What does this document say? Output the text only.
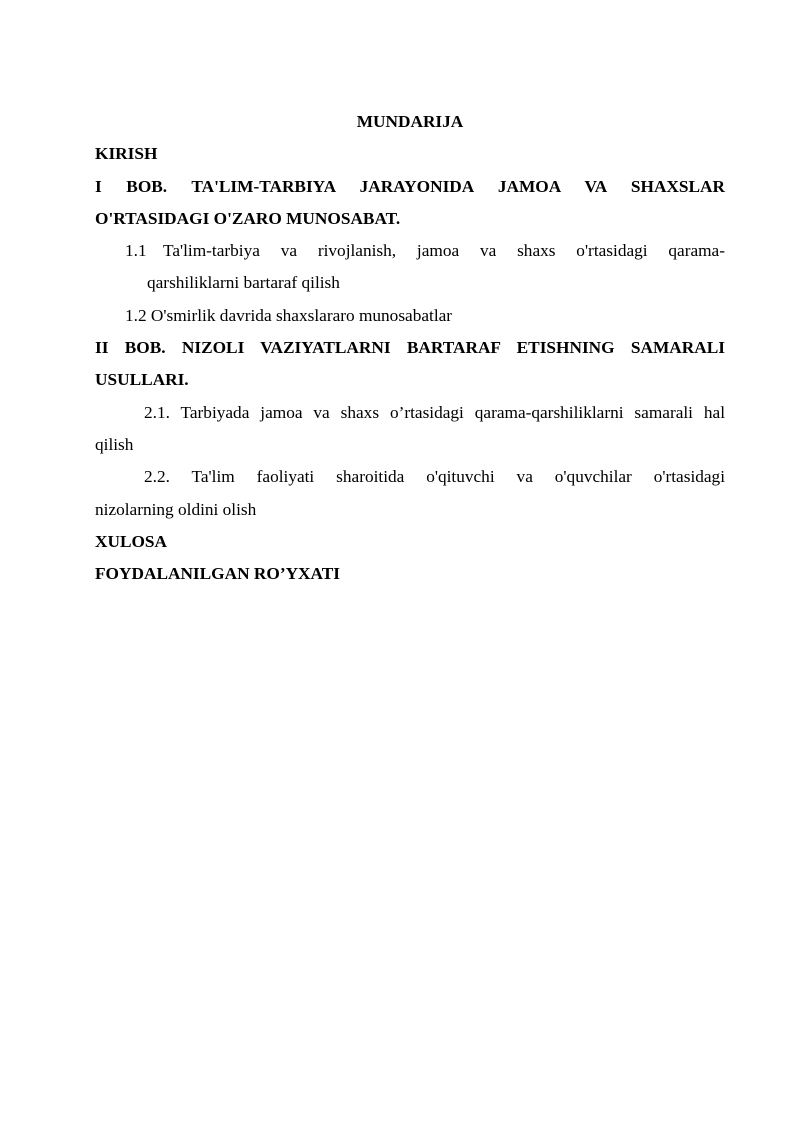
MUNDARIJA

KIRISH

I BOB. TA'LIM-TARBIYA JARAYONIDA JAMOA VA SHAXSLAR

O'RTASIDAGI O'ZARO MUNOSABAT.

1.1 Ta'lim-tarbiya va rivojlanish, jamoa va shaxs o'rtasidagi qarama-

qarshiliklarni bartaraf qilish

1.2 O'smirlik davrida shaxslararo munosabatlar

II BOB. NIZOLI VAZIYATLARNI BARTARAF ETISHNING SAMARALI

USULLARI.

2.1. Tarbiyada jamoa va shaxs o’rtasidagi qarama-qarshiliklarni samarali hal

qilish

2.2. Ta'lim faoliyati sharoitida o'qituvchi va o'quvchilar o'rtasidagi

nizolarning oldini olish

XULOSA

FOYDALANILGAN RO’YXATI
